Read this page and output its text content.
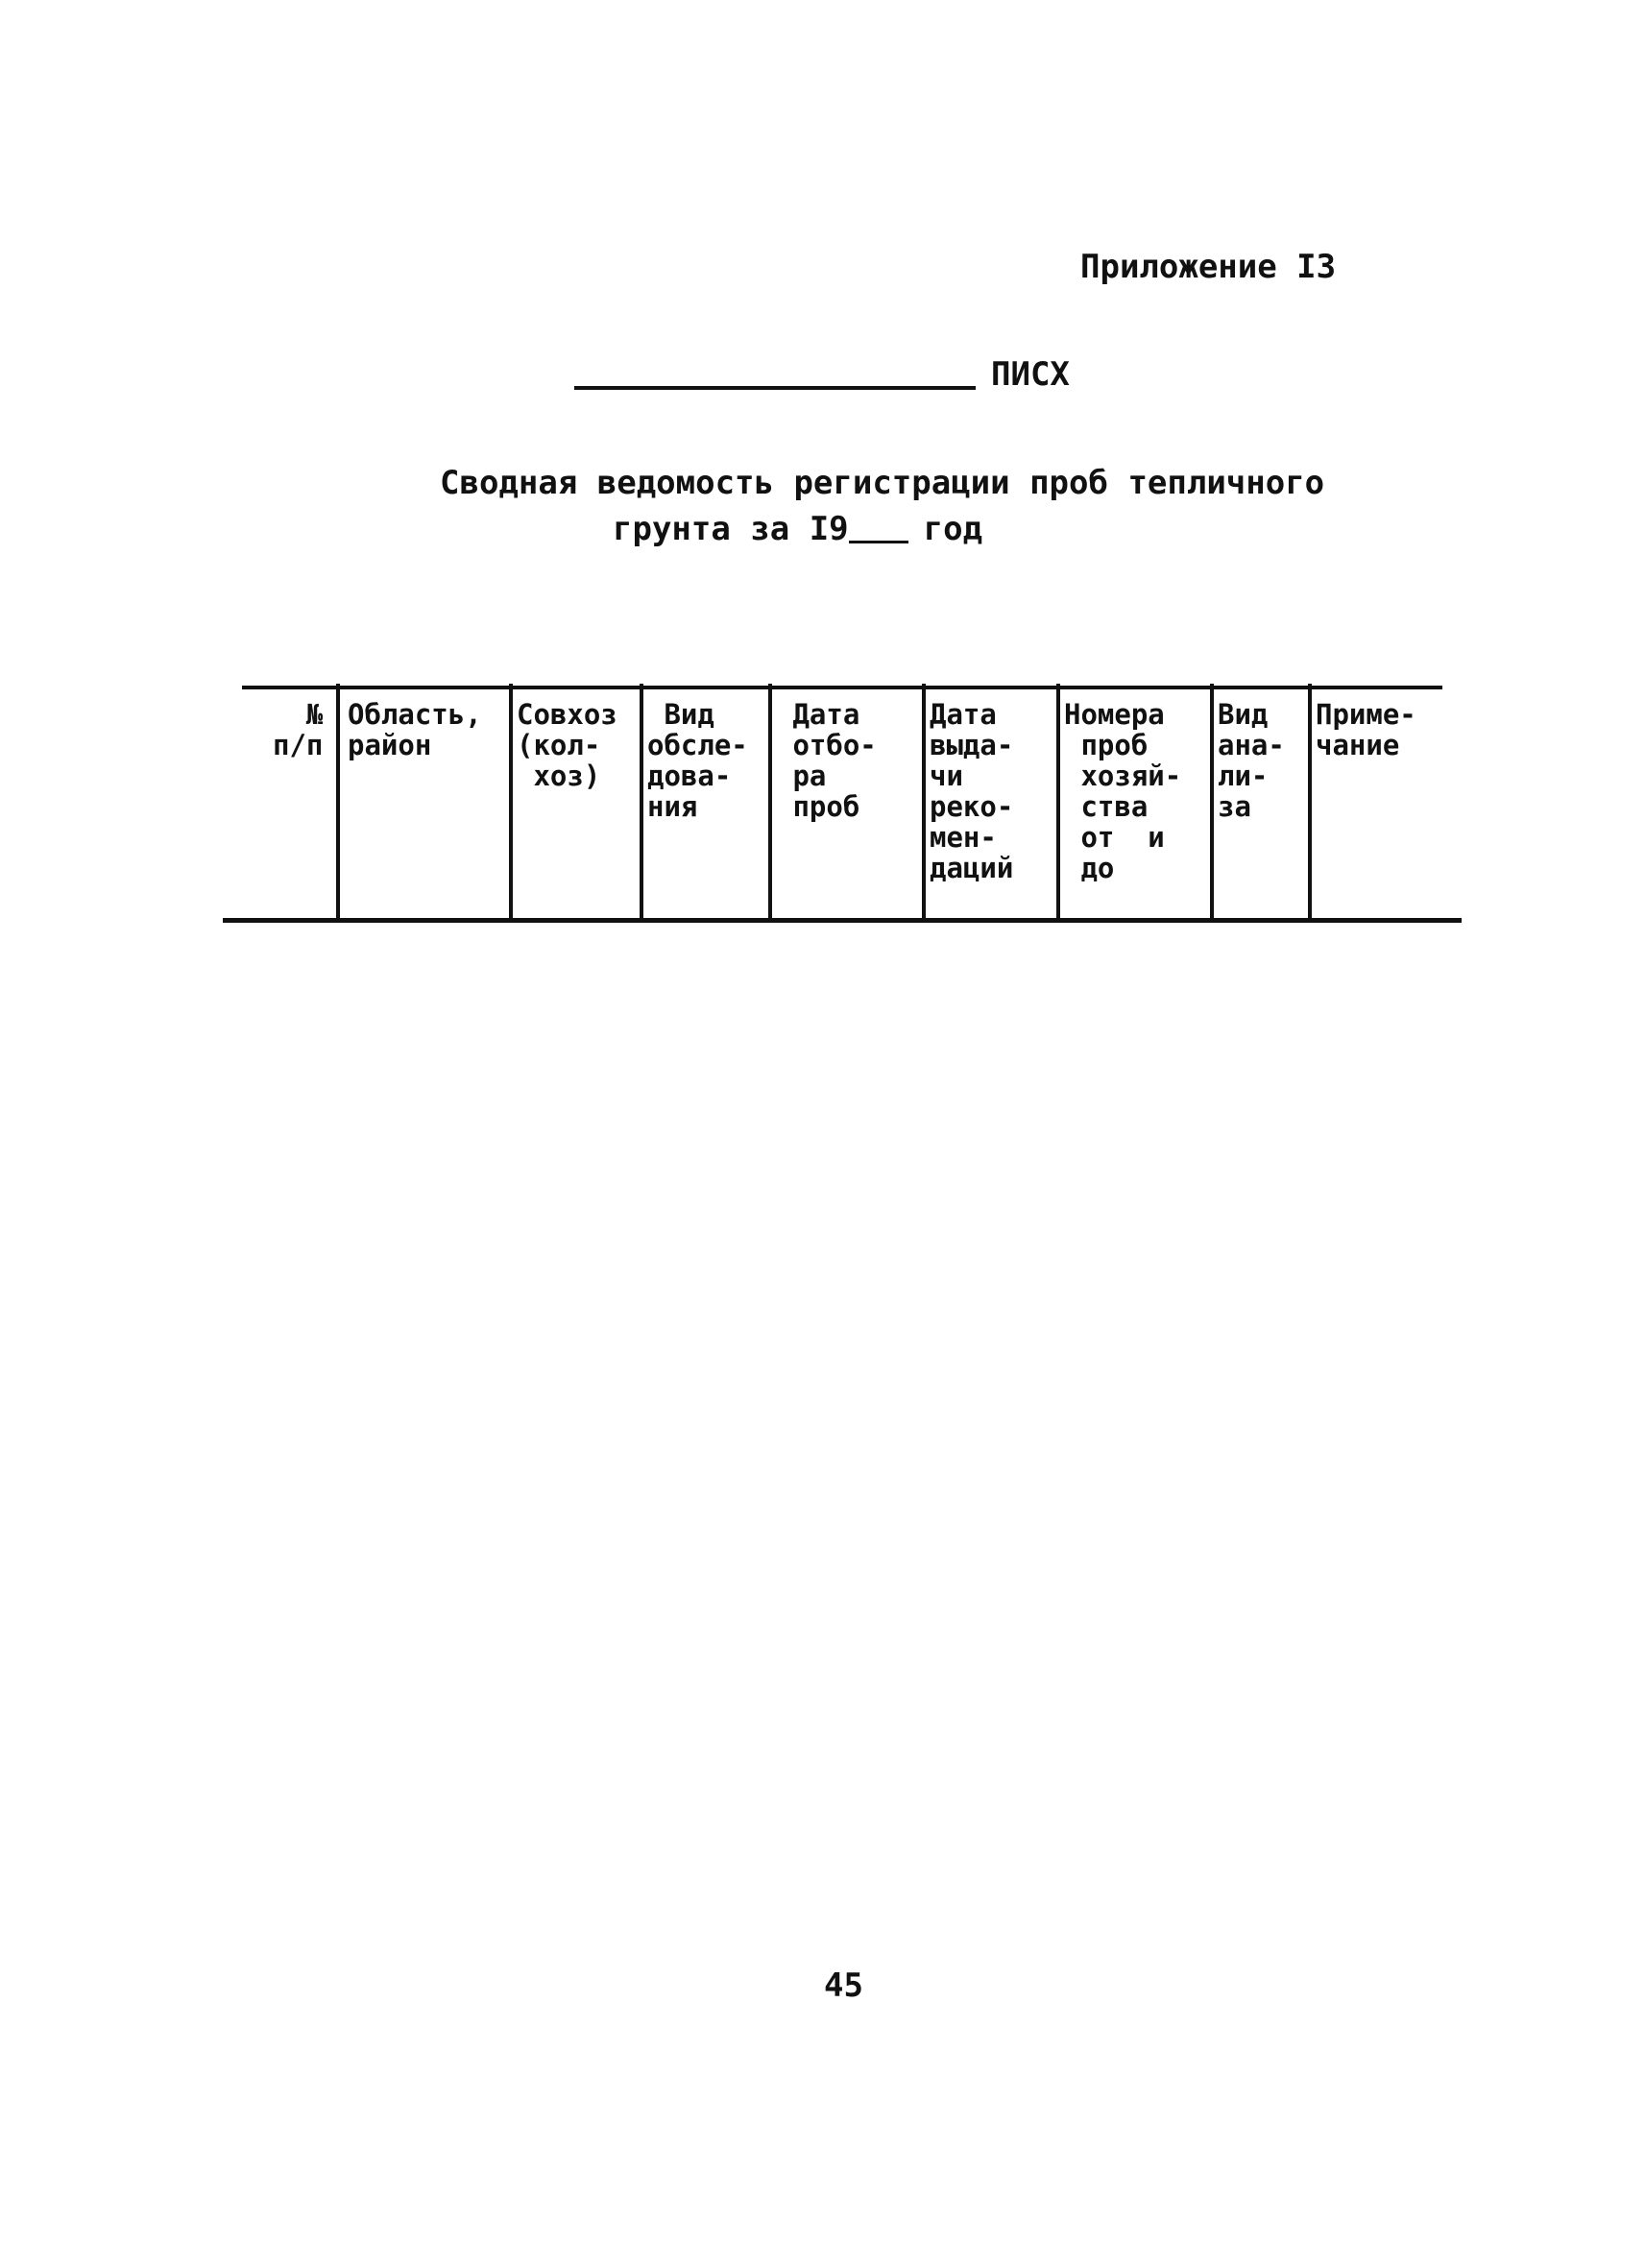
Приложение I3
ПИСХ
Сводная ведомость регистрации проб тепличного
грунта за I9 год
№
п/п
Область,
район
Совхоз
(кол-
хоз)
Вид
обсле-
дова-
ния
Дата
отбо-
ра
проб
Дата
выда-
чи
реко-
мен-
даций
Номера
проб
хозяй-
ства
от  и
до
Вид
ана-
ли-
за
Приме-
чание
45
